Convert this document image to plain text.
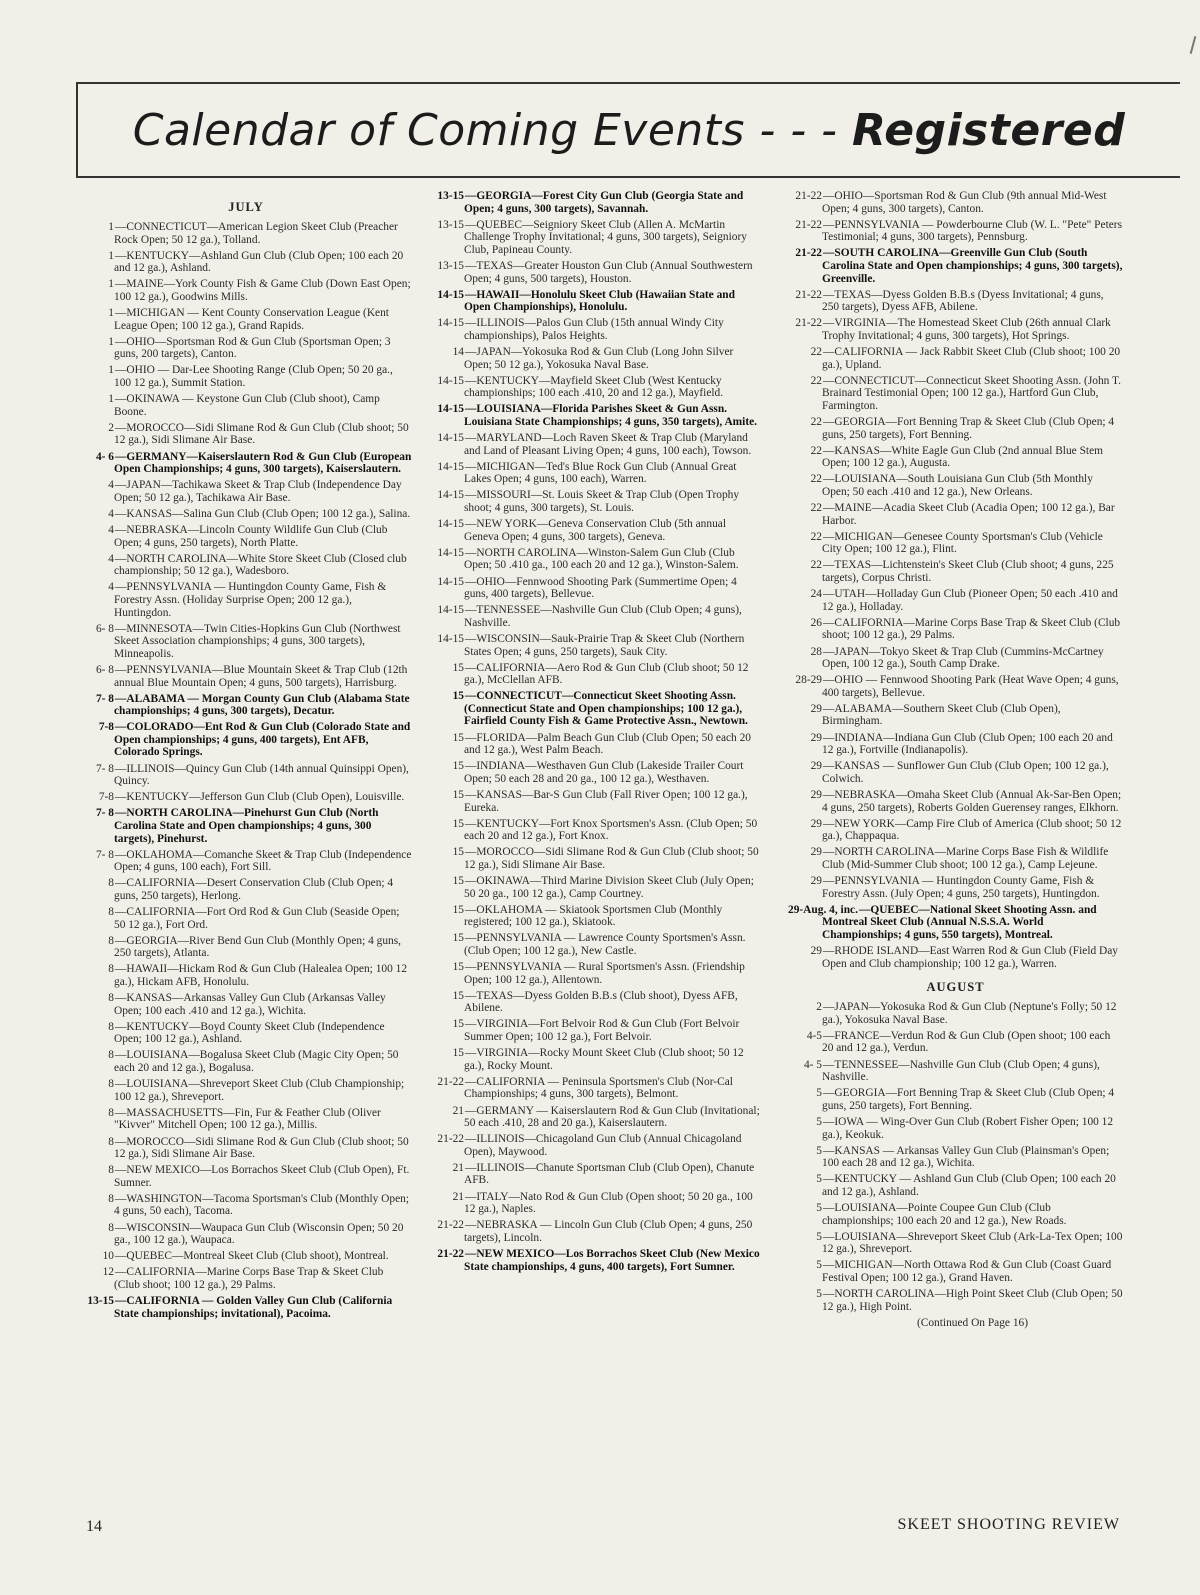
Calendar of Coming Events - - - Registered
JULY
1—CONNECTICUT—American Legion Skeet Club (Preacher Rock Open; 50 12 ga.), Tolland.
1—KENTUCKY—Ashland Gun Club (Club Open; 100 each 20 and 12 ga.), Ashland.
1—MAINE—York County Fish & Game Club (Down East Open; 100 12 ga.), Goodwins Mills.
1—MICHIGAN — Kent County Conservation League (Kent League Open; 100 12 ga.), Grand Rapids.
1—OHIO—Sportsman Rod & Gun Club (Sportsman Open; 3 guns, 200 targets), Canton.
1—OHIO — Dar-Lee Shooting Range (Club Open; 50 20 ga., 100 12 ga.), Summit Station.
1—OKINAWA — Keystone Gun Club (Club shoot), Camp Boone.
2—MOROCCO—Sidi Slimane Rod & Gun Club (Club shoot; 50 12 ga.), Sidi Slimane Air Base.
4- 6—GERMANY—Kaiserslautern Rod & Gun Club (European Open Championships; 4 guns, 300 targets), Kaiserslautern.
4—JAPAN—Tachikawa Skeet & Trap Club (Independence Day Open; 50 12 ga.), Tachikawa Air Base.
4—KANSAS—Salina Gun Club (Club Open; 100 12 ga.), Salina.
4—NEBRASKA—Lincoln County Wildlife Gun Club (Club Open; 4 guns, 250 targets), North Platte.
4—NORTH CAROLINA—White Store Skeet Club (Closed club championship; 50 12 ga.), Wadesboro.
4—PENNSYLVANIA — Huntingdon County Game, Fish & Forestry Assn. (Holiday Surprise Open; 200 12 ga.), Huntingdon.
6- 8—MINNESOTA—Twin Cities-Hopkins Gun Club (Northwest Skeet Association championships; 4 guns, 300 targets), Minneapolis.
6- 8—PENNSYLVANIA—Blue Mountain Skeet & Trap Club (12th annual Blue Mountain Open; 4 guns, 500 targets), Harrisburg.
7- 8—ALABAMA — Morgan County Gun Club (Alabama State championships; 4 guns, 300 targets), Decatur.
7-8—COLORADO—Ent Rod & Gun Club (Colorado State and Open championships; 4 guns, 400 targets), Ent AFB, Colorado Springs.
7- 8—ILLINOIS—Quincy Gun Club (14th annual Quinsippi Open), Quincy.
7-8—KENTUCKY—Jefferson Gun Club (Club Open), Louisville.
7- 8—NORTH CAROLINA—Pinehurst Gun Club (North Carolina State and Open championships; 4 guns, 300 targets), Pinehurst.
7- 8—OKLAHOMA—Comanche Skeet & Trap Club (Independence Open; 4 guns, 100 each), Fort Sill.
8—CALIFORNIA—Desert Conservation Club (Club Open; 4 guns, 250 targets), Herlong.
8—CALIFORNIA—Fort Ord Rod & Gun Club (Seaside Open; 50 12 ga.), Fort Ord.
8—GEORGIA—River Bend Gun Club (Monthly Open; 4 guns, 250 targets), Atlanta.
8—HAWAII—Hickam Rod & Gun Club (Halealea Open; 100 12 ga.), Hickam AFB, Honolulu.
8—KANSAS—Arkansas Valley Gun Club (Arkansas Valley Open; 100 each .410 and 12 ga.), Wichita.
8—KENTUCKY—Boyd County Skeet Club (Independence Open; 100 12 ga.), Ashland.
8—LOUISIANA—Bogalusa Skeet Club (Magic City Open; 50 each 20 and 12 ga.), Bogalusa.
8—LOUISIANA—Shreveport Skeet Club (Club Championship; 100 12 ga.), Shreveport.
8—MASSACHUSETTS—Fin, Fur & Feather Club (Oliver "Kivver" Mitchell Open; 100 12 ga.), Millis.
8—MOROCCO—Sidi Slimane Rod & Gun Club (Club shoot; 50 12 ga.), Sidi Slimane Air Base.
8—NEW MEXICO—Los Borrachos Skeet Club (Club Open), Ft. Sumner.
8—WASHINGTON—Tacoma Sportsman's Club (Monthly Open; 4 guns, 50 each), Tacoma.
8—WISCONSIN—Waupaca Gun Club (Wisconsin Open; 50 20 ga., 100 12 ga.), Waupaca.
10—QUEBEC—Montreal Skeet Club (Club shoot), Montreal.
12—CALIFORNIA—Marine Corps Base Trap & Skeet Club (Club shoot; 100 12 ga.), 29 Palms.
13-15—CALIFORNIA — Golden Valley Gun Club (California State championships; invitational), Pacoima.
13-15—GEORGIA—Forest City Gun Club (Georgia State and Open; 4 guns, 300 targets), Savannah.
13-15—QUEBEC—Seigniory Skeet Club (Allen A. McMartin Challenge Trophy Invitational; 4 guns, 300 targets), Seigniory Club, Papineau County.
13-15—TEXAS—Greater Houston Gun Club (Annual Southwestern Open; 4 guns, 500 targets), Houston.
14-15—HAWAII—Honolulu Skeet Club (Hawaiian State and Open Championships), Honolulu.
14-15—ILLINOIS—Palos Gun Club (15th annual Windy City championships), Palos Heights.
14—JAPAN—Yokosuka Rod & Gun Club (Long John Silver Open; 50 12 ga.), Yokosuka Naval Base.
14-15—KENTUCKY—Mayfield Skeet Club (West Kentucky championships; 100 each .410, 20 and 12 ga.), Mayfield.
14-15—LOUISIANA—Florida Parishes Skeet & Gun Assn. Louisiana State Championships; 4 guns, 350 targets), Amite.
14-15—MARYLAND—Loch Raven Skeet & Trap Club (Maryland and Land of Pleasant Living Open; 4 guns, 100 each), Towson.
14-15—MICHIGAN—Ted's Blue Rock Gun Club (Annual Great Lakes Open; 4 guns, 100 each), Warren.
14-15—MISSOURI—St. Louis Skeet & Trap Club (Open Trophy shoot; 4 guns, 300 targets), St. Louis.
14-15—NEW YORK—Geneva Conservation Club (5th annual Geneva Open; 4 guns, 300 targets), Geneva.
14-15—NORTH CAROLINA—Winston-Salem Gun Club (Club Open; 50 .410 ga., 100 each 20 and 12 ga.), Winston-Salem.
14-15—OHIO—Fennwood Shooting Park (Summertime Open; 4 guns, 400 targets), Bellevue.
14-15—TENNESSEE—Nashville Gun Club (Club Open; 4 guns), Nashville.
14-15—WISCONSIN—Sauk-Prairie Trap & Skeet Club (Northern States Open; 4 guns, 250 targets), Sauk City.
15—CALIFORNIA—Aero Rod & Gun Club (Club shoot; 50 12 ga.), McClellan AFB.
15—CONNECTICUT—Connecticut Skeet Shooting Assn. (Connecticut State and Open championships; 100 12 ga.), Fairfield County Fish & Game Protective Assn., Newtown.
15—FLORIDA—Palm Beach Gun Club (Club Open; 50 each 20 and 12 ga.), West Palm Beach.
15—INDIANA—Westhaven Gun Club (Lakeside Trailer Court Open; 50 each 28 and 20 ga., 100 12 ga.), Westhaven.
15—KANSAS—Bar-S Gun Club (Fall River Open; 100 12 ga.), Eureka.
15—KENTUCKY—Fort Knox Sportsmen's Assn. (Club Open; 50 each 20 and 12 ga.), Fort Knox.
15—MOROCCO—Sidi Slimane Rod & Gun Club (Club shoot; 50 12 ga.), Sidi Slimane Air Base.
15—OKINAWA—Third Marine Division Skeet Club (July Open; 50 20 ga., 100 12 ga.), Camp Courtney.
15—OKLAHOMA — Skiatook Sportsmen Club (Monthly registered; 100 12 ga.), Skiatook.
15—PENNSYLVANIA — Lawrence County Sportsmen's Assn. (Club Open; 100 12 ga.), New Castle.
15—PENNSYLVANIA — Rural Sportsmen's Assn. (Friendship Open; 100 12 ga.), Allentown.
15—TEXAS—Dyess Golden B.B.s (Club shoot), Dyess AFB, Abilene.
15—VIRGINIA—Fort Belvoir Rod & Gun Club (Fort Belvoir Summer Open; 100 12 ga.), Fort Belvoir.
15—VIRGINIA—Rocky Mount Skeet Club (Club shoot; 50 12 ga.), Rocky Mount.
21-22—CALIFORNIA — Peninsula Sportsmen's Club (Nor-Cal Championships; 4 guns, 300 targets), Belmont.
21—GERMANY — Kaiserslautern Rod & Gun Club (Invitational; 50 each .410, 28 and 20 ga.), Kaiserslautern.
21-22—ILLINOIS—Chicagoland Gun Club (Annual Chicagoland Open), Maywood.
21—ILLINOIS—Chanute Sportsman Club (Club Open), Chanute AFB.
21—ITALY—Nato Rod & Gun Club (Open shoot; 50 20 ga., 100 12 ga.), Naples.
21-22—NEBRASKA — Lincoln Gun Club (Club Open; 4 guns, 250 targets), Lincoln.
21-22—NEW MEXICO—Los Borrachos Skeet Club (New Mexico State championships, 4 guns, 400 targets), Fort Sumner.
21-22—OHIO—Sportsman Rod & Gun Club (9th annual Mid-West Open; 4 guns, 300 targets), Canton.
21-22—PENNSYLVANIA — Powderbourne Club (W. L. "Pete" Peters Testimonial; 4 guns, 300 targets), Pennsburg.
21-22—SOUTH CAROLINA—Greenville Gun Club (South Carolina State and Open championships; 4 guns, 300 targets), Greenville.
21-22—TEXAS—Dyess Golden B.B.s (Dyess Invitational; 4 guns, 250 targets), Dyess AFB, Abilene.
21-22—VIRGINIA—The Homestead Skeet Club (26th annual Clark Trophy Invitational; 4 guns, 300 targets), Hot Springs.
22—CALIFORNIA — Jack Rabbit Skeet Club (Club shoot; 100 20 ga.), Upland.
22—CONNECTICUT—Connecticut Skeet Shooting Assn. (John T. Brainard Testimonial Open; 100 12 ga.), Hartford Gun Club, Farmington.
22—GEORGIA—Fort Benning Trap & Skeet Club (Club Open; 4 guns, 250 targets), Fort Benning.
22—KANSAS—White Eagle Gun Club (2nd annual Blue Stem Open; 100 12 ga.), Augusta.
22—LOUISIANA—South Louisiana Gun Club (5th Monthly Open; 50 each .410 and 12 ga.), New Orleans.
22—MAINE—Acadia Skeet Club (Acadia Open; 100 12 ga.), Bar Harbor.
22—MICHIGAN—Genesee County Sportsman's Club (Vehicle City Open; 100 12 ga.), Flint.
22—TEXAS—Lichtenstein's Skeet Club (Club shoot; 4 guns, 225 targets), Corpus Christi.
24—UTAH—Holladay Gun Club (Pioneer Open; 50 each .410 and 12 ga.), Holladay.
26—CALIFORNIA—Marine Corps Base Trap & Skeet Club (Club shoot; 100 12 ga.), 29 Palms.
28—JAPAN—Tokyo Skeet & Trap Club (Cummins-McCartney Open, 100 12 ga.), South Camp Drake.
28-29—OHIO — Fennwood Shooting Park (Heat Wave Open; 4 guns, 400 targets), Bellevue.
29—ALABAMA—Southern Skeet Club (Club Open), Birmingham.
29—INDIANA—Indiana Gun Club (Club Open; 100 each 20 and 12 ga.), Fortville (Indianapolis).
29—KANSAS — Sunflower Gun Club (Club Open; 100 12 ga.), Colwich.
29—NEBRASKA—Omaha Skeet Club (Annual Ak-Sar-Ben Open; 4 guns, 250 targets), Roberts Golden Guerensey ranges, Elkhorn.
29—NEW YORK—Camp Fire Club of America (Club shoot; 50 12 ga.), Chappaqua.
29—NORTH CAROLINA—Marine Corps Base Fish & Wildlife Club (Mid-Summer Club shoot; 100 12 ga.), Camp Lejeune.
29—PENNSYLVANIA — Huntingdon County Game, Fish & Forestry Assn. (July Open; 4 guns, 250 targets), Huntingdon.
29-Aug. 4, inc.—QUEBEC—National Skeet Shooting Assn. and Montreal Skeet Club (Annual N.S.S.A. World Championships; 4 guns, 550 targets), Montreal.
29—RHODE ISLAND—East Warren Rod & Gun Club (Field Day Open and Club championship; 100 12 ga.), Warren.
AUGUST
2—JAPAN—Yokosuka Rod & Gun Club (Neptune's Folly; 50 12 ga.), Yokosuka Naval Base.
4-5—FRANCE—Verdun Rod & Gun Club (Open shoot; 100 each 20 and 12 ga.), Verdun.
4- 5—TENNESSEE—Nashville Gun Club (Club Open; 4 guns), Nashville.
5—GEORGIA—Fort Benning Trap & Skeet Club (Club Open; 4 guns, 250 targets), Fort Benning.
5—IOWA — Wing-Over Gun Club (Robert Fisher Open; 100 12 ga.), Keokuk.
5—KANSAS — Arkansas Valley Gun Club (Plainsman's Open; 100 each 28 and 12 ga.), Wichita.
5—KENTUCKY — Ashland Gun Club (Club Open; 100 each 20 and 12 ga.), Ashland.
5—LOUISIANA—Pointe Coupee Gun Club (Club championships; 100 each 20 and 12 ga.), New Roads.
5—LOUISIANA—Shreveport Skeet Club (Ark-La-Tex Open; 100 12 ga.), Shreveport.
5—MICHIGAN—North Ottawa Rod & Gun Club (Coast Guard Festival Open; 100 12 ga.), Grand Haven.
5—NORTH CAROLINA—High Point Skeet Club (Club Open; 50 12 ga.), High Point.
(Continued On Page 16)
14	SKEET SHOOTING REVIEW
